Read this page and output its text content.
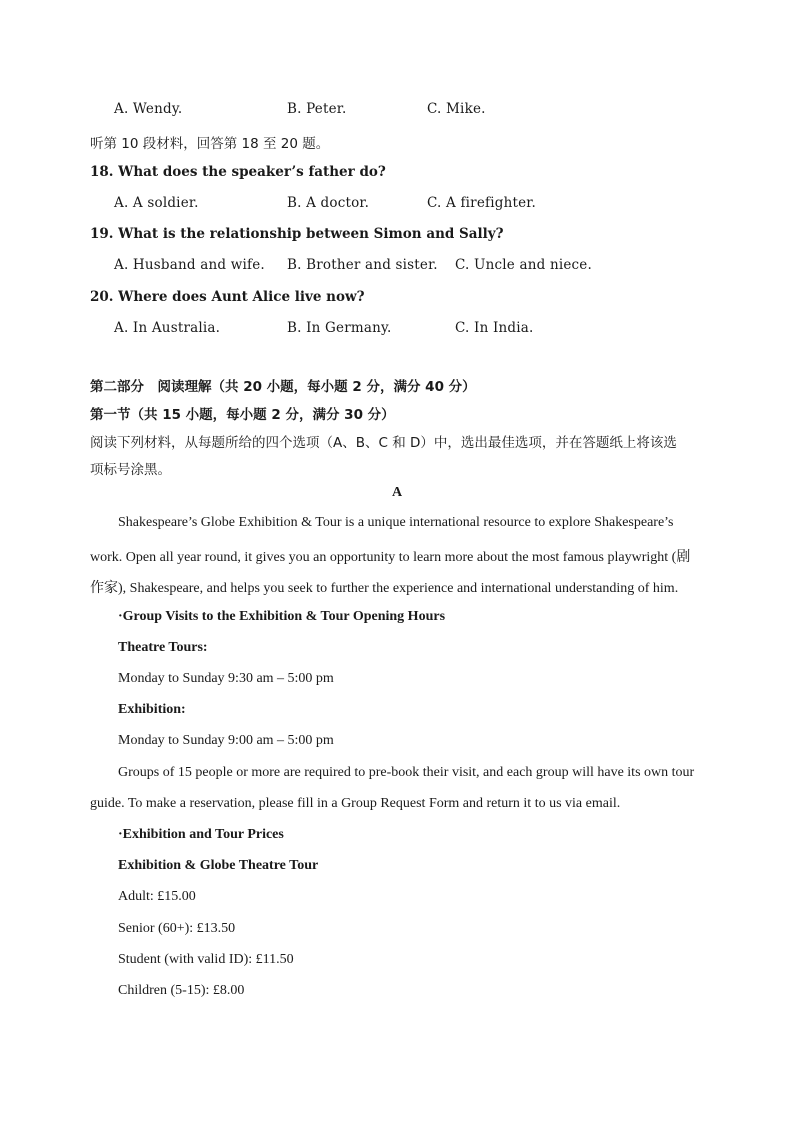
A. Wendy.	B. Peter.	C. Mike.
听第 10 段材料，回答第 18 至 20 题。
18. What does the speaker’s father do?
A. A soldier.	B. A doctor.	C. A firefighter.
19. What is the relationship between Simon and Sally?
A. Husband and wife. B. Brother and sister. C. Uncle and niece.
20. Where does Aunt Alice live now?
A. In Australia.	B. In Germany.	C. In India.
第二部分　阅读理解（共 20 小题，每小题 2 分，满分 40 分）
第一节（共 15 小题，每小题 2 分，满分 30 分）
阅读下列材料，从每题所给的四个选项（A、B、C 和 D）中，选出最佳选项，并在答题纸上将该选
项标号涂黑。
A
Shakespeare’s Globe Exhibition & Tour is a unique international resource to explore Shakespeare’s
work. Open all year round, it gives you an opportunity to learn more about the most famous playwright (剧
作家), Shakespeare, and helps you seek to further the experience and international understanding of him.
·Group Visits to the Exhibition & Tour Opening Hours
Theatre Tours:
Monday to Sunday 9:30 am – 5:00 pm
Exhibition:
Monday to Sunday 9:00 am – 5:00 pm
Groups of 15 people or more are required to pre-book their visit, and each group will have its own tour
guide. To make a reservation, please fill in a Group Request Form and return it to us via email.
·Exhibition and Tour Prices
Exhibition & Globe Theatre Tour
Adult: £15.00
Senior (60+): £13.50
Student (with valid ID): £11.50
Children (5-15): £8.00
